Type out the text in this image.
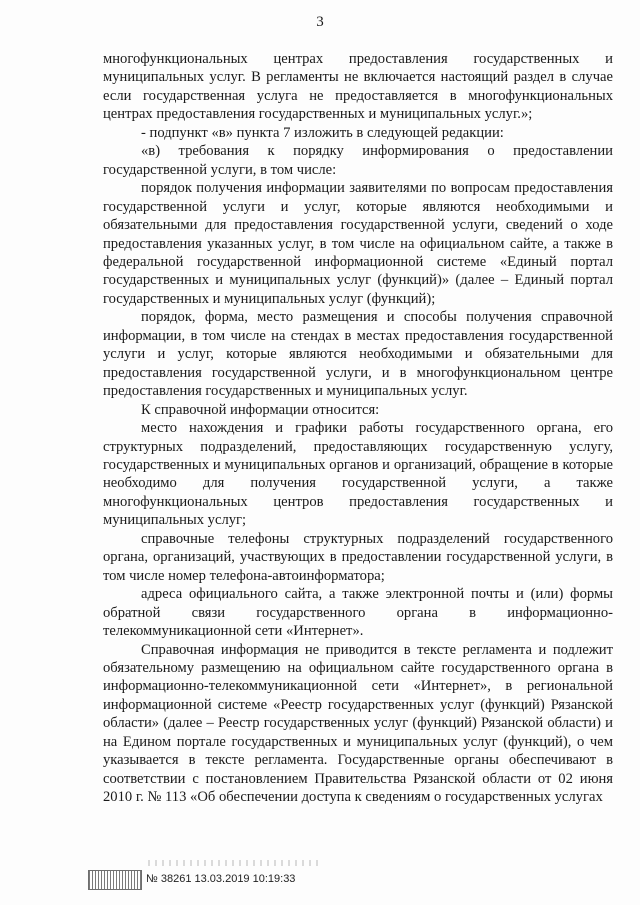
3

многофункциональных центрах предоставления государственных и муниципальных услуг. В регламенты не включается настоящий раздел в случае если государственная услуга не предоставляется в многофункциональных центрах предоставления государственных и муниципальных услуг.»;

- подпункт «в» пункта 7 изложить в следующей редакции:

«в) требования к порядку информирования о предоставлении государственной услуги, в том числе:

порядок получения информации заявителями по вопросам предоставления государственной услуги и услуг, которые являются необходимыми и обязательными для предоставления государственной услуги, сведений о ходе предоставления указанных услуг, в том числе на официальном сайте, а также в федеральной государственной информационной системе «Единый портал государственных и муниципальных услуг (функций)» (далее – Единый портал государственных и муниципальных услуг (функций);

порядок, форма, место размещения и способы получения справочной информации, в том числе на стендах в местах предоставления государственной услуги и услуг, которые являются необходимыми и обязательными для предоставления государственной услуги, и в многофункциональном центре предоставления государственных и муниципальных услуг.

К справочной информации относится:

место нахождения и графики работы государственного органа, его структурных подразделений, предоставляющих государственную услугу, государственных и муниципальных органов и организаций, обращение в которые необходимо для получения государственной услуги, а также многофункциональных центров предоставления государственных и муниципальных услуг;

справочные телефоны структурных подразделений государственного органа, организаций, участвующих в предоставлении государственной услуги, в том числе номер телефона-автоинформатора;

адреса официального сайта, а также электронной почты и (или) формы обратной связи государственного органа в информационно-телекоммуникационной сети «Интернет».

Справочная информация не приводится в тексте регламента и подлежит обязательному размещению на официальном сайте государственного органа в информационно-телекоммуникационной сети «Интернет», в региональной информационной системе «Реестр государственных услуг (функций) Рязанской области» (далее – Реестр государственных услуг (функций) Рязанской области) и на Едином портале государственных и муниципальных услуг (функций), о чем указывается в тексте регламента. Государственные органы обеспечивают в соответствии с постановлением Правительства Рязанской области от 02 июня 2010 г. № 113 «Об обеспечении доступа к сведениям о государственных услугах

№ 38261 13.03.2019 10:19:33
